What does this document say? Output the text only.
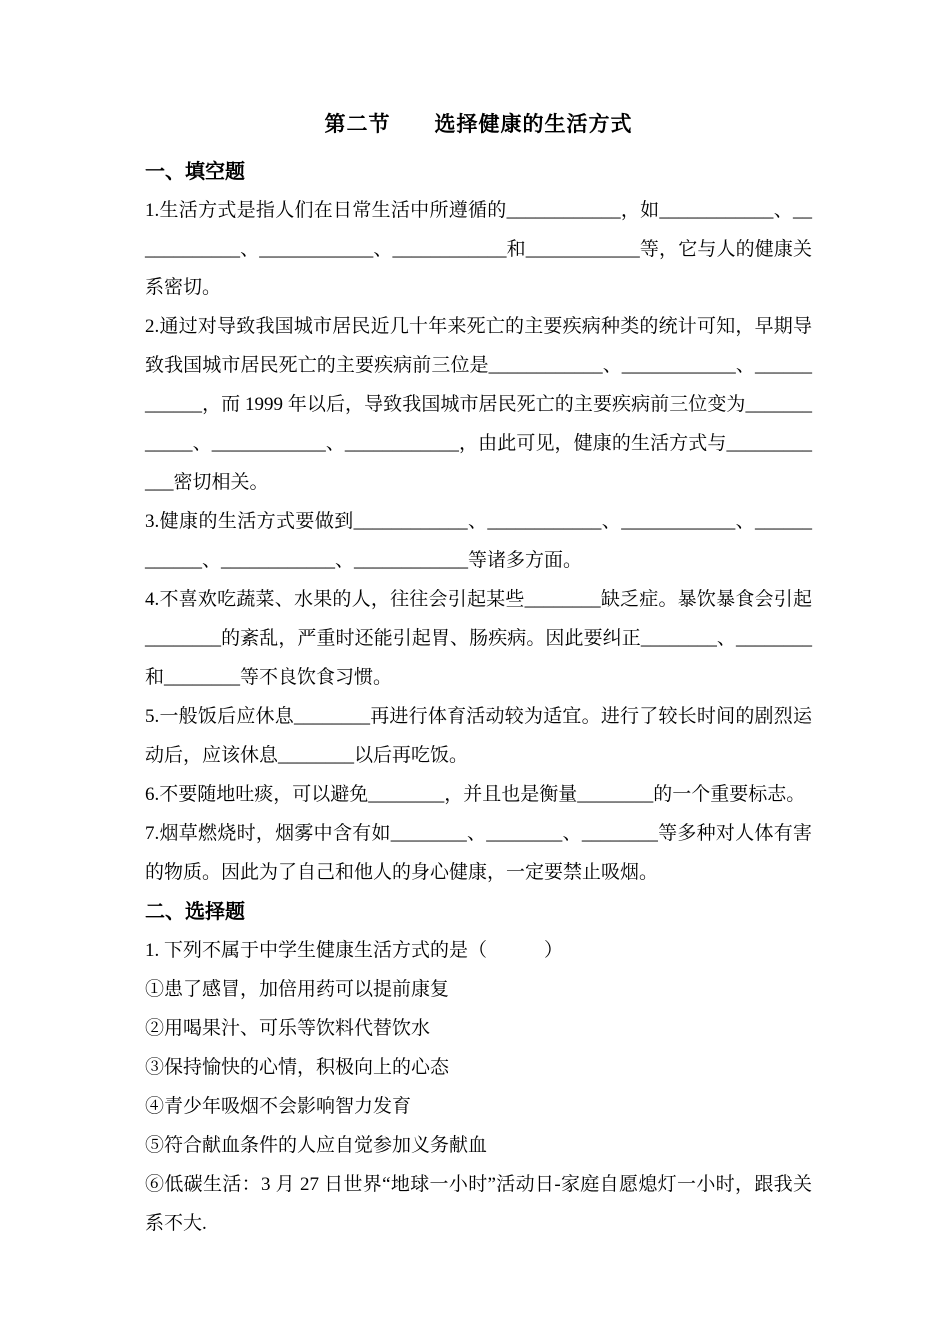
第二节　　选择健康的生活方式
一、填空题

1.生活方式是指人们在日常生活中所遵循的____________，如____________、____________、____________、____________和____________等，它与人的健康关系密切。

2.通过对导致我国城市居民近几十年来死亡的主要疾病种类的统计可知，早期导致我国城市居民死亡的主要疾病前三位是____________、____________、____________，而 1999 年以后，导致我国城市居民死亡的主要疾病前三位变为____________、____________、____________，由此可见，健康的生活方式与____________密切相关。

3.健康的生活方式要做到____________、____________、____________、____________、____________、____________等诸多方面。

4.不喜欢吃蔬菜、水果的人，往往会引起某些________缺乏症。暴饮暴食会引起________的紊乱，严重时还能引起胃、肠疾病。因此要纠正________、________和________等不良饮食习惯。

5.一般饭后应休息________再进行体育活动较为适宜。进行了较长时间的剧烈运动后，应该休息________以后再吃饭。

6.不要随地吐痰，可以避免________，并且也是衡量________的一个重要标志。

7.烟草燃烧时，烟雾中含有如________、________、________等多种对人体有害的物质。因此为了自己和他人的身心健康，一定要禁止吸烟。

二、选择题

1. 下列不属于中学生健康生活方式的是（　　　）

①患了感冒，加倍用药可以提前康复

②用喝果汁、可乐等饮料代替饮水

③保持愉快的心情，积极向上的心态

④青少年吸烟不会影响智力发育

⑤符合献血条件的人应自觉参加义务献血

⑥低碳生活：3 月 27 日世界“地球一小时”活动日-家庭自愿熄灯一小时，跟我关系不大.
